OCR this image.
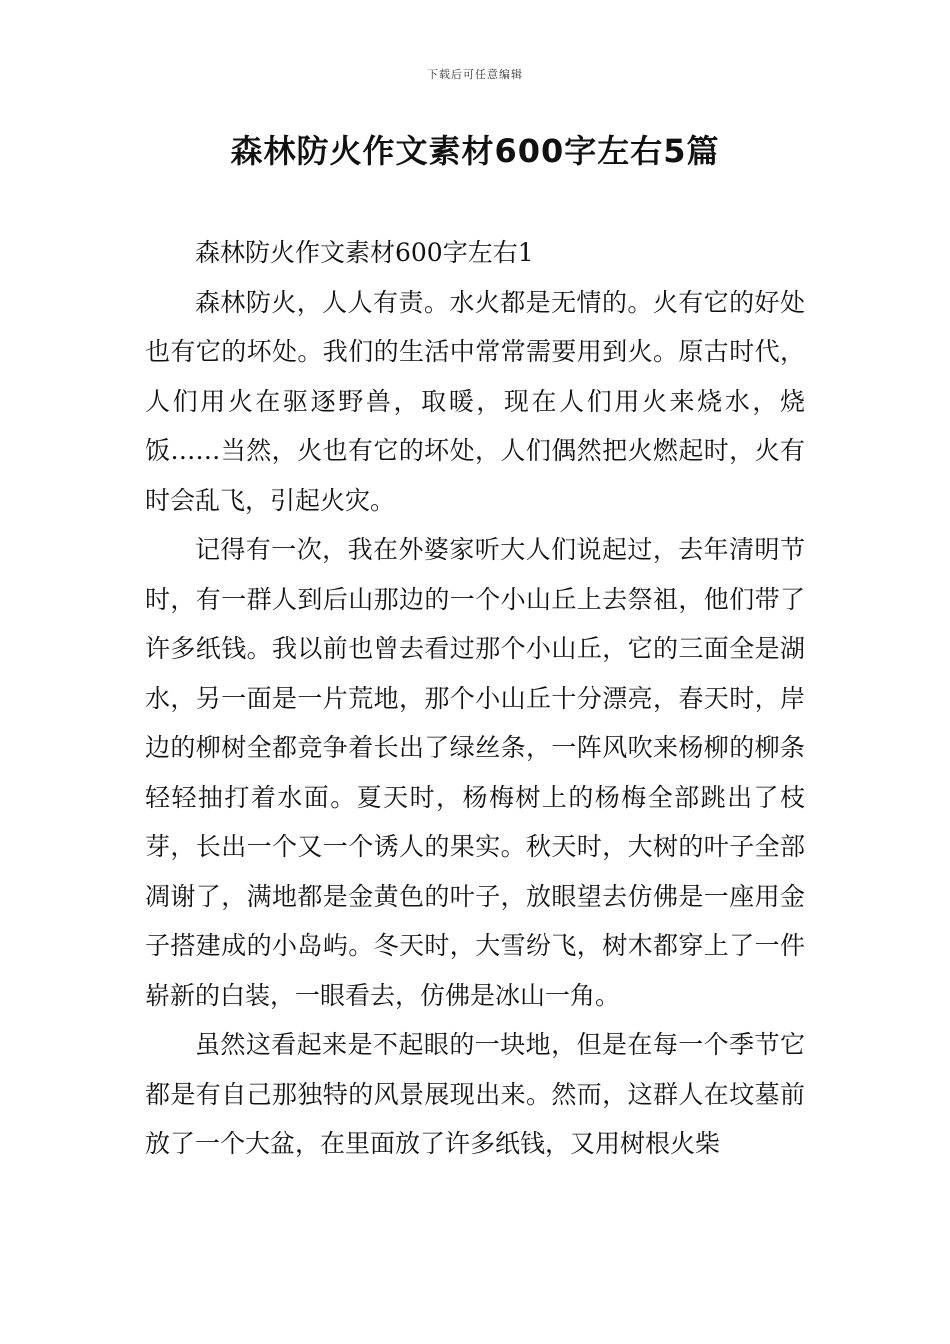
下载后可任意编辑
森林防火作文素材600字左右5篇

森林防火作文素材600字左右1

森林防火，人人有责。水火都是无情的。火有它的好处也有它的坏处。我们的生活中常常需要用到火。原古时代，人们用火在驱逐野兽，取暖，现在人们用火来烧水，烧饭……当然，火也有它的坏处，人们偶然把火燃起时，火有时会乱飞，引起火灾。

记得有一次，我在外婆家听大人们说起过，去年清明节时，有一群人到后山那边的一个小山丘上去祭祖，他们带了许多纸钱。我以前也曾去看过那个小山丘，它的三面全是湖水，另一面是一片荒地，那个小山丘十分漂亮，春天时，岸边的柳树全都竞争着长出了绿丝条，一阵风吹来杨柳的柳条轻轻抽打着水面。夏天时，杨梅树上的杨梅全部跳出了枝芽，长出一个又一个诱人的果实。秋天时，大树的叶子全部凋谢了，满地都是金黄色的叶子，放眼望去仿佛是一座用金子搭建成的小岛屿。冬天时，大雪纷飞，树木都穿上了一件崭新的白装，一眼看去，仿佛是冰山一角。

虽然这看起来是不起眼的一块地，但是在每一个季节它都是有自己那独特的风景展现出来。然而，这群人在坟墓前放了一个大盆，在里面放了许多纸钱，又用树根火柴
